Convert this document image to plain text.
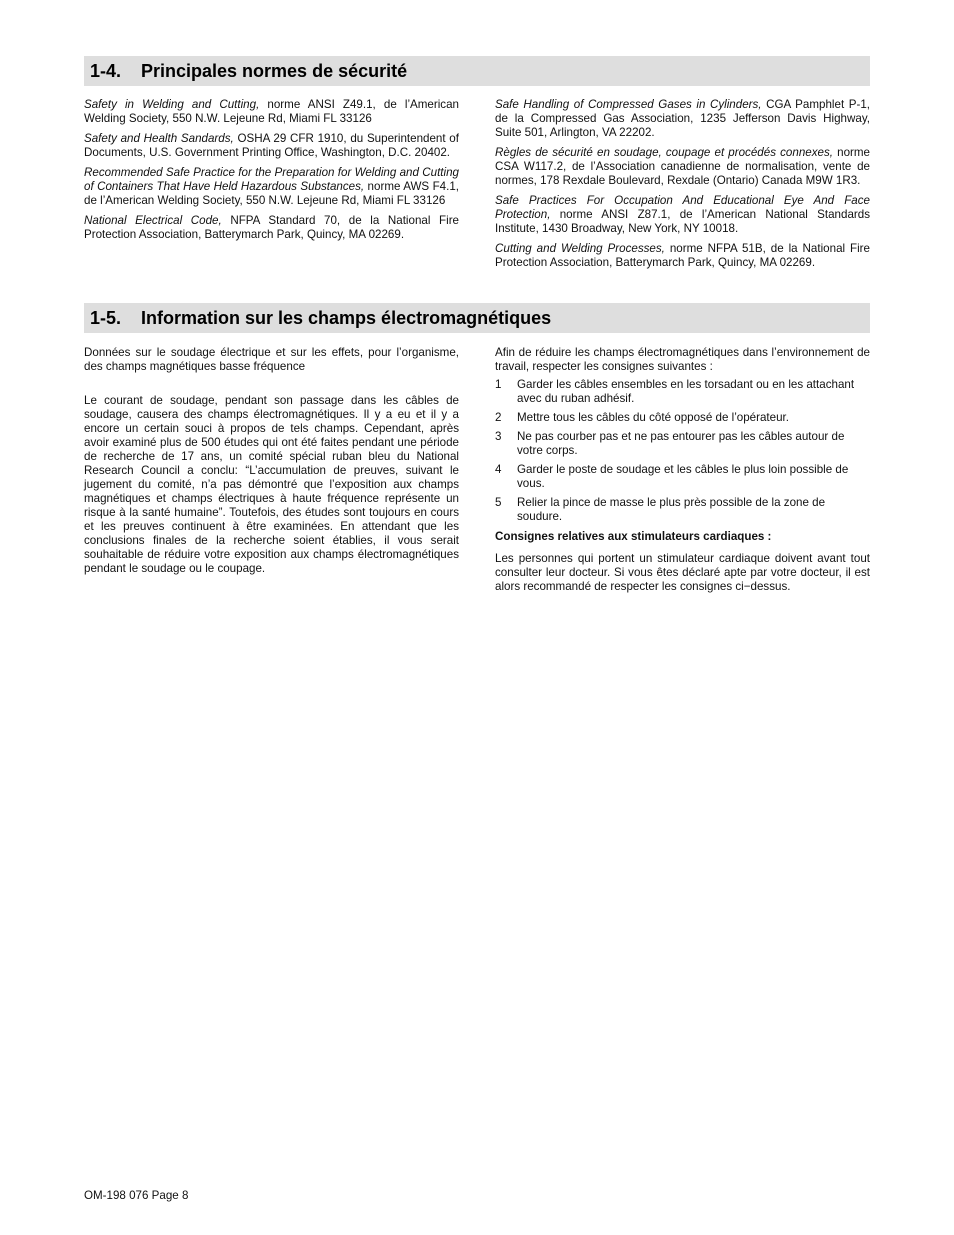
1-4. Principales normes de sécurité

Safety in Welding and Cutting, norme ANSI Z49.1, de l’American Welding Society, 550 N.W. Lejeune Rd, Miami FL 33126

Safety and Health Sandards, OSHA 29 CFR 1910, du Superintendent of Documents, U.S. Government Printing Office, Washington, D.C. 20402.

Recommended Safe Practice for the Preparation for Welding and Cutting of Containers That Have Held Hazardous Substances, norme AWS F4.1, de l’American Welding Society, 550 N.W. Lejeune Rd, Miami FL 33126

National Electrical Code, NFPA Standard 70, de la National Fire Protection Association, Batterymarch Park, Quincy, MA 02269.

Safe Handling of Compressed Gases in Cylinders, CGA Pamphlet P-1, de la Compressed Gas Association, 1235 Jefferson Davis Highway, Suite 501, Arlington, VA 22202.

Règles de sécurité en soudage, coupage et procédés connexes, norme CSA W117.2, de l’Association canadienne de normalisation, vente de normes, 178 Rexdale Boulevard, Rexdale (Ontario) Canada M9W 1R3.

Safe Practices For Occupation And Educational Eye And Face Protection, norme ANSI Z87.1, de l’American National Standards Institute, 1430 Broadway, New York, NY 10018.

Cutting and Welding Processes, norme NFPA 51B, de la National Fire Protection Association, Batterymarch Park, Quincy, MA 02269.

1-5. Information sur les champs électromagnétiques

Données sur le soudage électrique et sur les effets, pour l’organisme, des champs magnétiques basse fréquence

Le courant de soudage, pendant son passage dans les câbles de soudage, causera des champs électromagnétiques. Il y a eu et il y a encore un certain souci à propos de tels champs. Cependant, après avoir examiné plus de 500 études qui ont été faites pendant une période de recherche de 17 ans, un comité spécial ruban bleu du National Research Council a conclu: “L’accumulation de preuves, suivant le jugement du comité, n’a pas démontré que l’exposition aux champs magnétiques et champs électriques à haute fréquence représente un risque à la santé humaine”. Toutefois, des études sont toujours en cours et les preuves continuent à être examinées. En attendant que les conclusions finales de la recherche soient établies, il vous serait souhaitable de réduire votre exposition aux champs électromagnétiques pendant le soudage ou le coupage.

Afin de réduire les champs électromagnétiques dans l’environnement de travail, respecter les consignes suivantes :

1	Garder les câbles ensembles en les torsadant ou en les attachant avec du ruban adhésif.
2	Mettre tous les câbles du côté opposé de l’opérateur.
3	Ne pas courber pas et ne pas entourer pas les câbles autour de votre corps.
4	Garder le poste de soudage et les câbles le plus loin possible de vous.
5	Relier la pince de masse le plus près possible de la zone de soudure.

Consignes relatives aux stimulateurs cardiaques :

Les personnes qui portent un stimulateur cardiaque doivent avant tout consulter leur docteur. Si vous êtes déclaré apte par votre docteur, il est alors recommandé de respecter les consignes ci−dessus.

OM-198 076 Page 8
